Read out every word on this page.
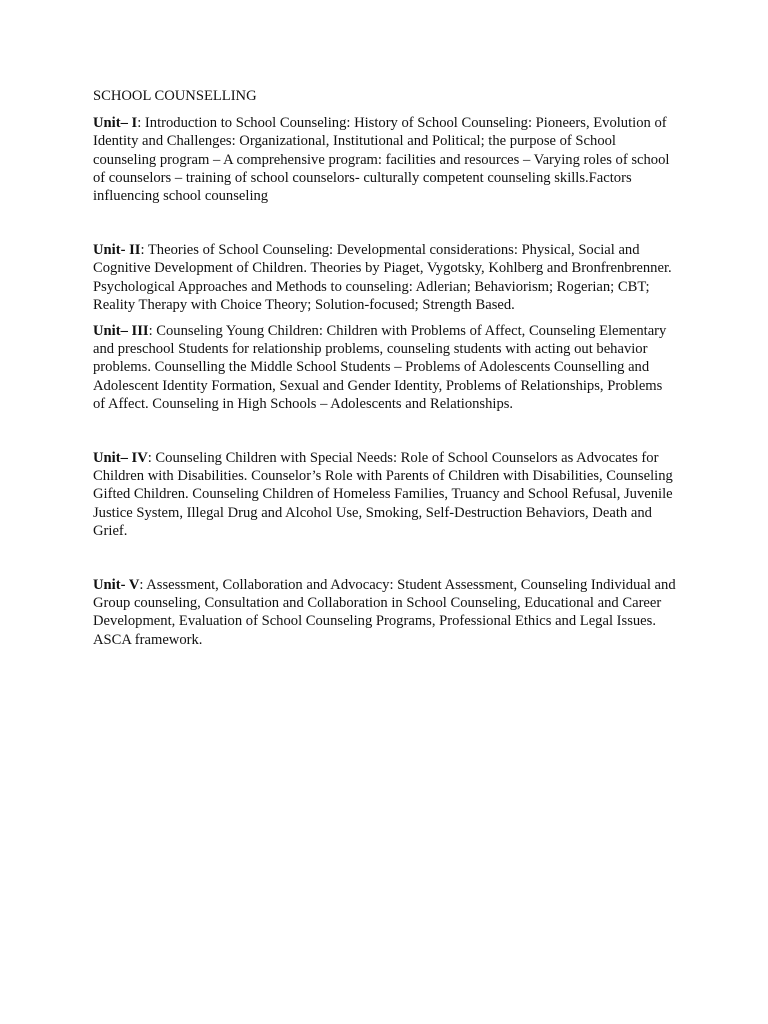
SCHOOL COUNSELLING

Unit– I: Introduction to School Counseling: History of School Counseling: Pioneers, Evolution of Identity and Challenges: Organizational, Institutional and Political; the purpose of School counseling program – A comprehensive program: facilities and resources – Varying roles of school of counselors – training of school counselors- culturally competent counseling skills.Factors influencing school counseling

Unit- II: Theories of School Counseling: Developmental considerations: Physical, Social and Cognitive Development of Children. Theories by Piaget, Vygotsky, Kohlberg and Bronfrenbrenner. Psychological Approaches and Methods to counseling: Adlerian; Behaviorism; Rogerian; CBT; Reality Therapy with Choice Theory; Solution-focused; Strength Based.

Unit– III: Counseling Young Children: Children with Problems of Affect, Counseling Elementary and preschool Students for relationship problems, counseling students with acting out behavior problems. Counselling the Middle School Students – Problems of Adolescents Counselling and Adolescent Identity Formation, Sexual and Gender Identity, Problems of Relationships, Problems of Affect. Counseling in High Schools – Adolescents and Relationships.

Unit– IV: Counseling Children with Special Needs: Role of School Counselors as Advocates for Children with Disabilities. Counselor’s Role with Parents of Children with Disabilities, Counseling Gifted Children. Counseling Children of Homeless Families, Truancy and School Refusal, Juvenile Justice System, Illegal Drug and Alcohol Use, Smoking, Self-Destruction Behaviors, Death and Grief.

Unit- V: Assessment, Collaboration and Advocacy: Student Assessment, Counseling Individual and Group counseling, Consultation and Collaboration in School Counseling, Educational and Career Development, Evaluation of School Counseling Programs, Professional Ethics and Legal Issues. ASCA framework.
